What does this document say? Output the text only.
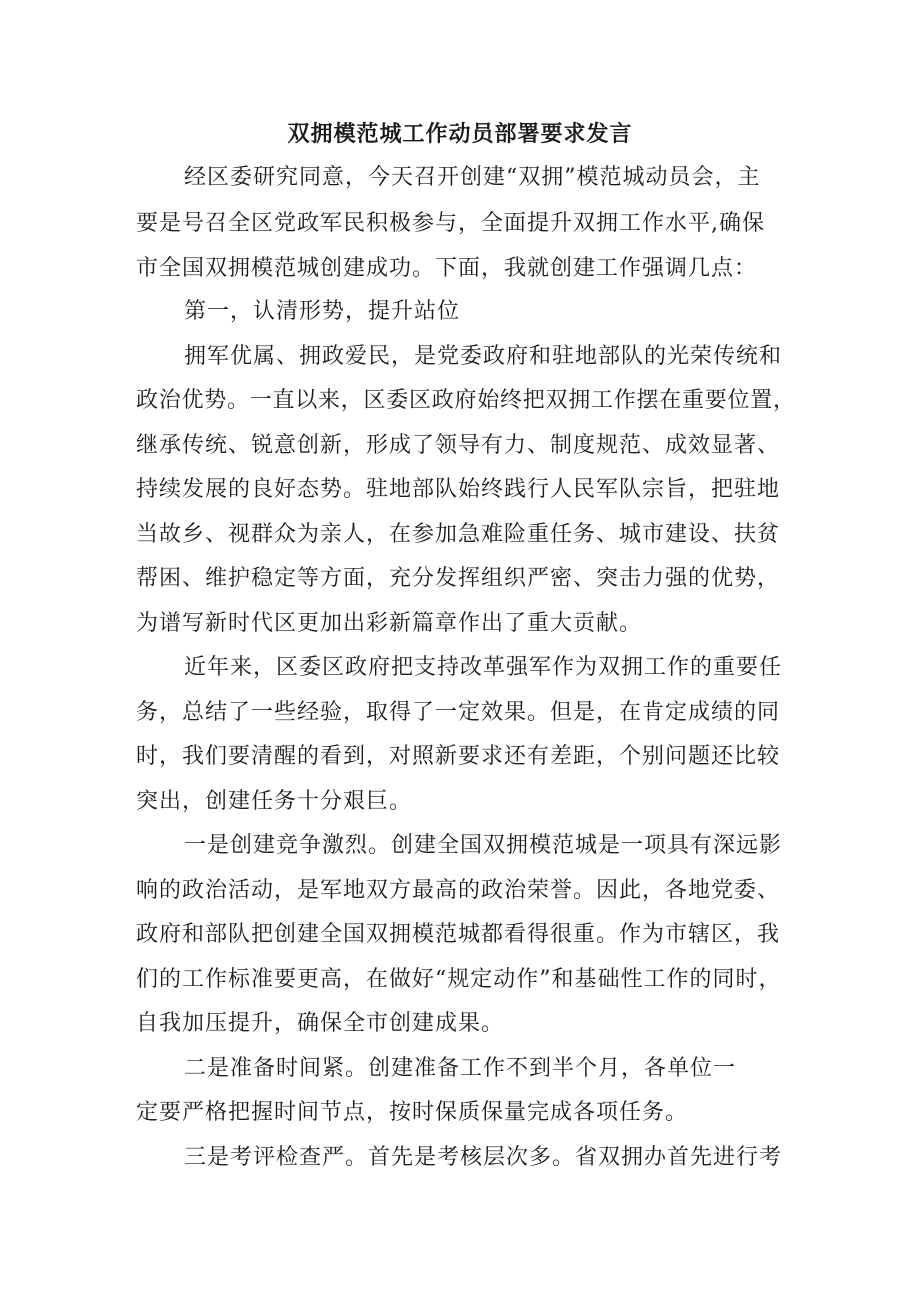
双拥模范城工作动员部署要求发言
经区委研究同意，今天召开创建“双拥”模范城动员会，主
要是号召全区党政军民积极参与，全面提升双拥工作水平,确保
市全国双拥模范城创建成功。下面，我就创建工作强调几点：
第一，认清形势，提升站位
拥军优属、拥政爱民，是党委政府和驻地部队的光荣传统和
政治优势。一直以来，区委区政府始终把双拥工作摆在重要位置，
继承传统、锐意创新，形成了领导有力、制度规范、成效显著、
持续发展的良好态势。驻地部队始终践行人民军队宗旨，把驻地
当故乡、视群众为亲人，在参加急难险重任务、城市建设、扶贫
帮困、维护稳定等方面，充分发挥组织严密、突击力强的优势，
为谱写新时代区更加出彩新篇章作出了重大贡献。
近年来，区委区政府把支持改革强军作为双拥工作的重要任
务，总结了一些经验，取得了一定效果。但是，在肯定成绩的同
时，我们要清醒的看到，对照新要求还有差距，个别问题还比较
突出，创建任务十分艰巨。
一是创建竞争激烈。创建全国双拥模范城是一项具有深远影
响的政治活动，是军地双方最高的政治荣誉。因此，各地党委、
政府和部队把创建全国双拥模范城都看得很重。作为市辖区，我
们的工作标准要更高，在做好“规定动作”和基础性工作的同时，
自我加压提升，确保全市创建成果。
二是准备时间紧。创建准备工作不到半个月，各单位一
定要严格把握时间节点，按时保质保量完成各项任务。
三是考评检查严。首先是考核层次多。省双拥办首先进行考
